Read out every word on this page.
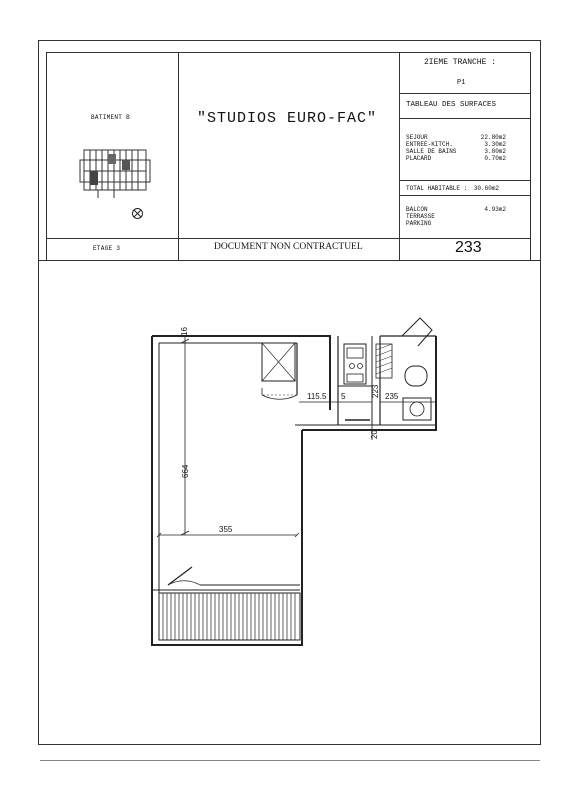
BATIMENT B	"STUDIOS EURO-FAC"
2IEME TRANCHE :
P1
TABLEAU DES SURFACES
SEJOUR	22.80m2
ENTREE-KITCH.	3.30m2
SALLE DE BAINS	3.80m2
PLACARD	0.70m2
TOTAL HABITABLE : 30.60m2
BALCON	4.93m2
TERRASSE
PARKING
ETAGE 3	DOCUMENT NON CONTRACTUEL	233
16
664
355
115.5 5	223 235
20
